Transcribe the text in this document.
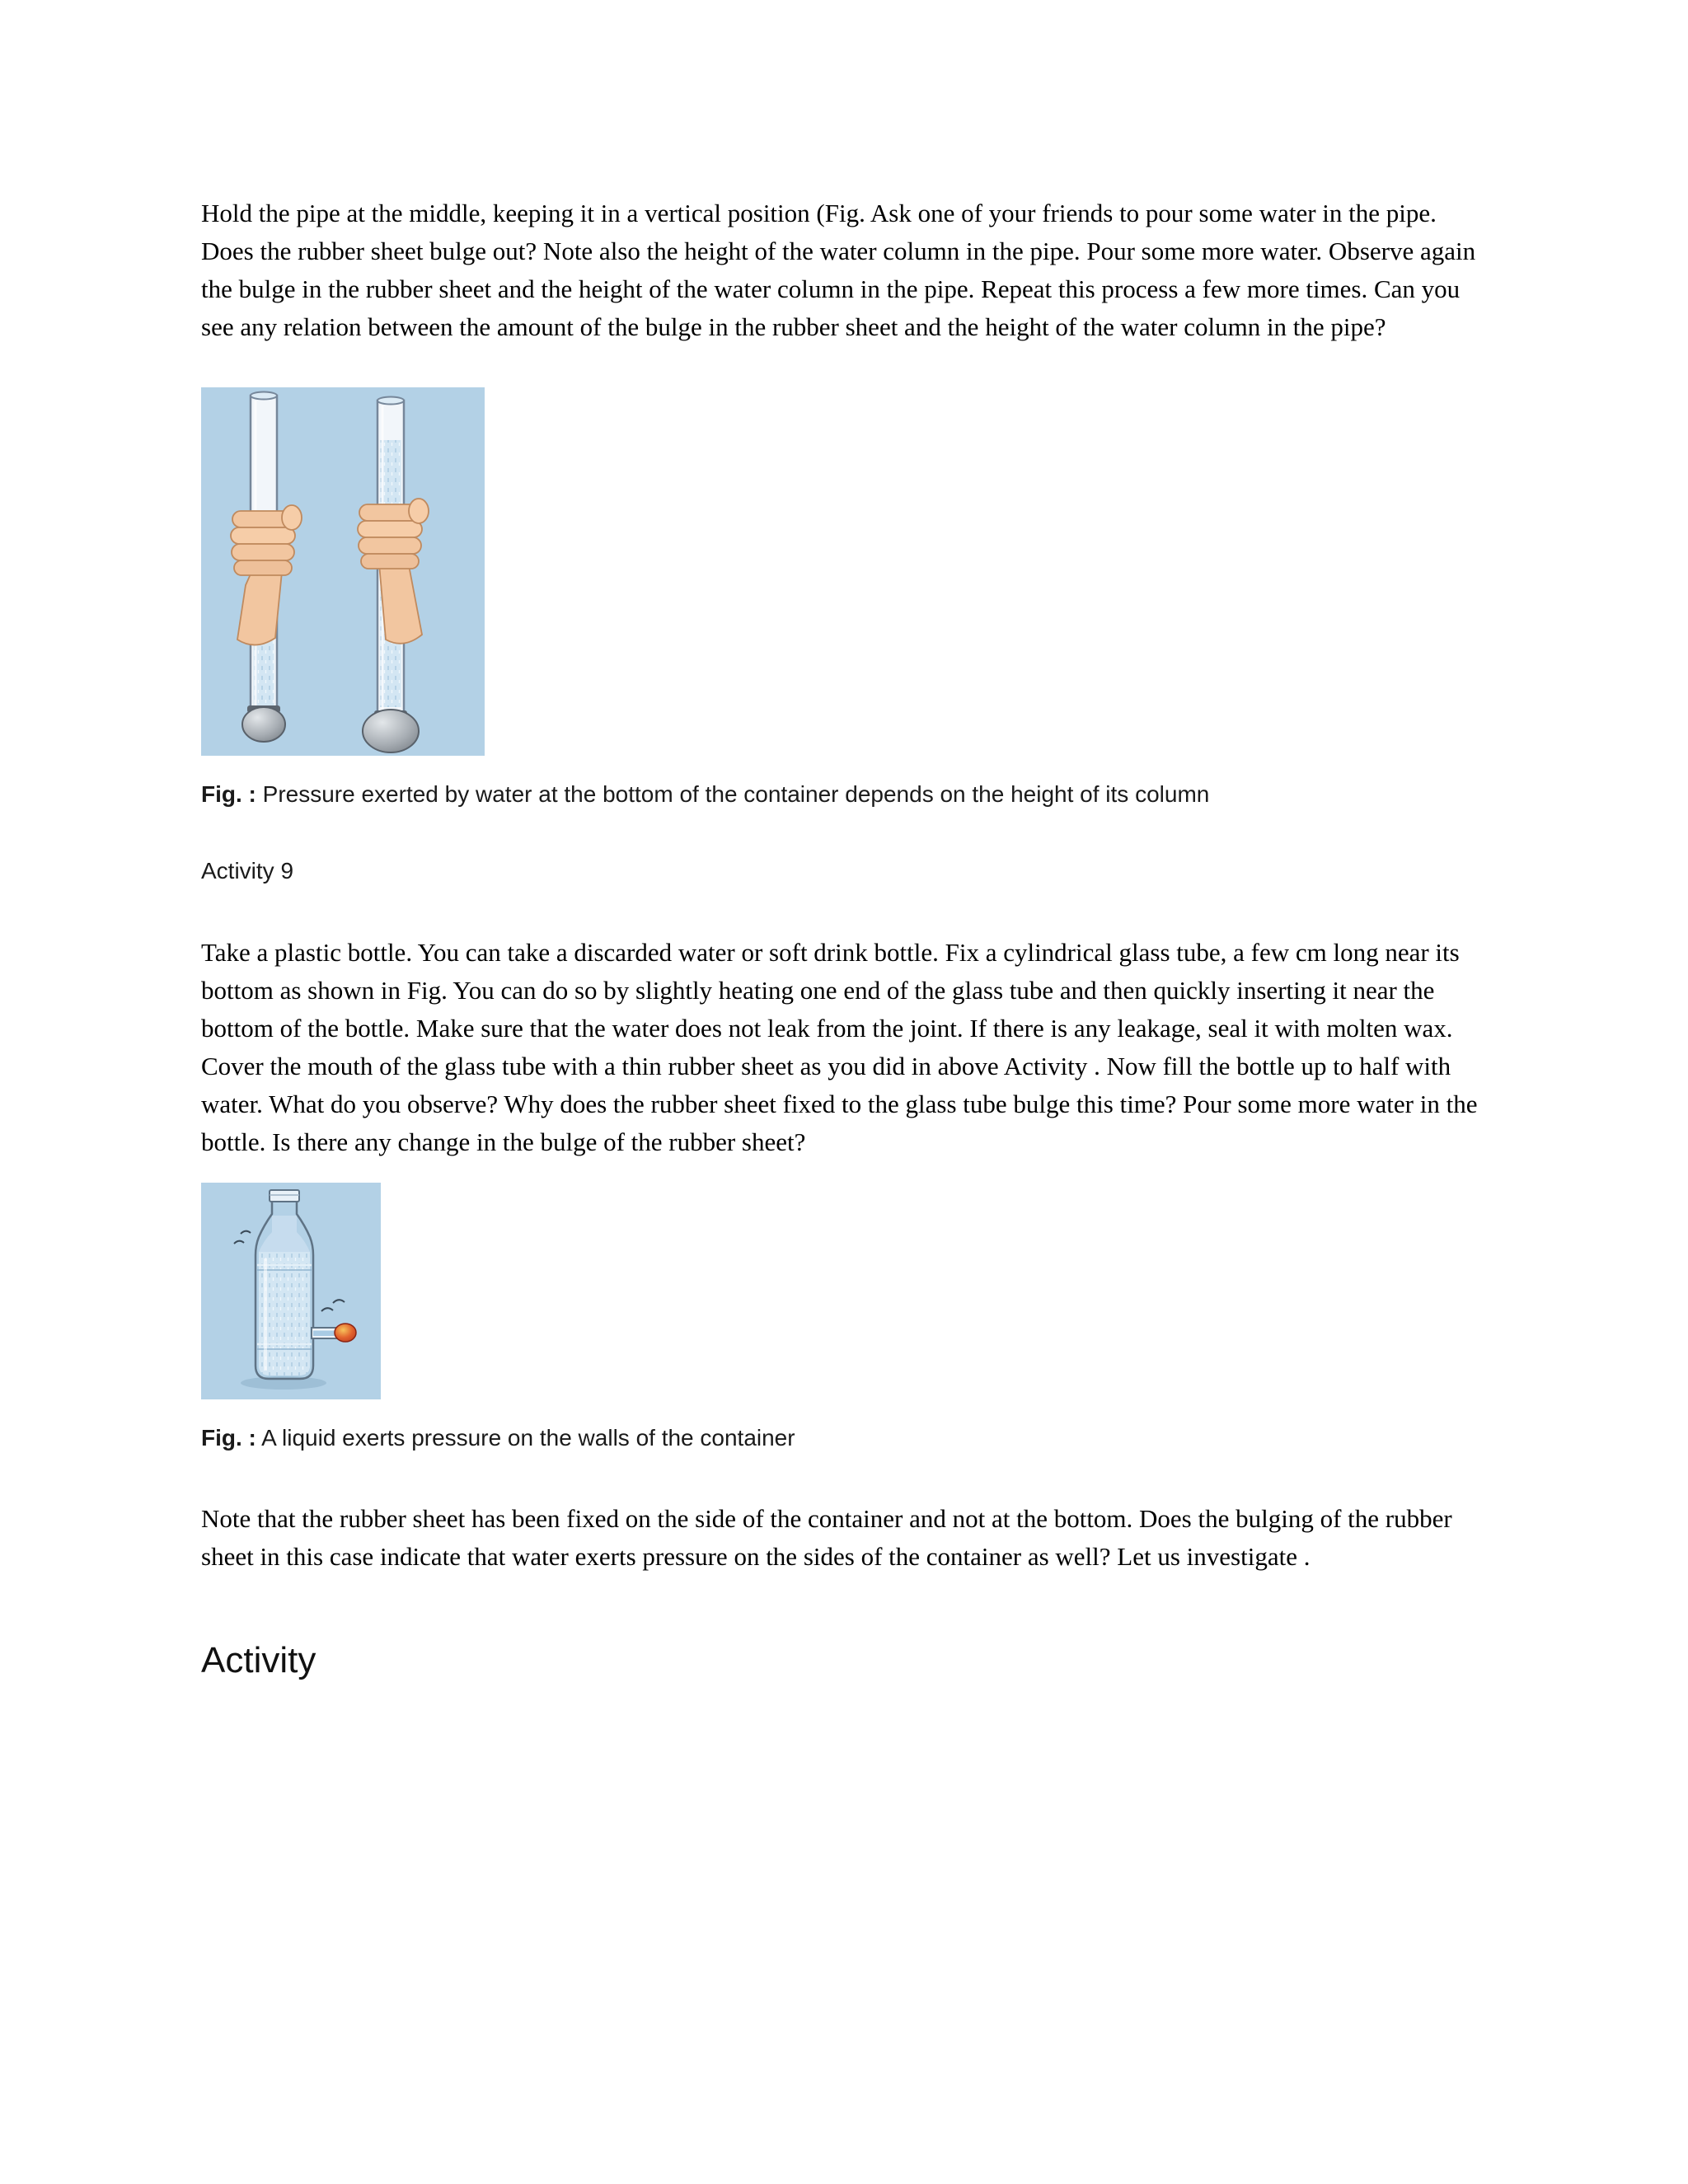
Hold the pipe at the middle, keeping it in a vertical position (Fig. Ask one of your friends to pour some water in the pipe. Does the rubber sheet bulge out? Note also the height of the water column in the pipe. Pour some more water. Observe again the bulge in the rubber sheet and the height of the water column in the pipe. Repeat this process a few more times. Can you see any relation between the amount of the bulge in the rubber sheet and the height of the water column in the pipe?

Fig. : Pressure exerted by water at the bottom of the container depends on the height of its column

Activity 9

Take a plastic bottle. You can take a discarded water or soft drink bottle. Fix a cylindrical glass tube, a few cm long near its bottom as shown in Fig. You can do so by slightly heating one end of the glass tube and then quickly inserting it near the bottom of the bottle. Make sure that the water does not leak from the joint. If there is any leakage, seal it with molten wax. Cover the mouth of the glass tube with a thin rubber sheet as you did in above Activity . Now fill the bottle up to half with water. What do you observe? Why does the rubber sheet fixed to the glass tube bulge this time? Pour some more water in the bottle. Is there any change in the bulge of the rubber sheet?

Fig. : A liquid exerts pressure on the walls of the container

Note that the rubber sheet has been fixed on the side of the container and not at the bottom. Does the bulging of the rubber sheet in this case indicate that water exerts pressure on the sides of the container as well? Let us investigate .

Activity
